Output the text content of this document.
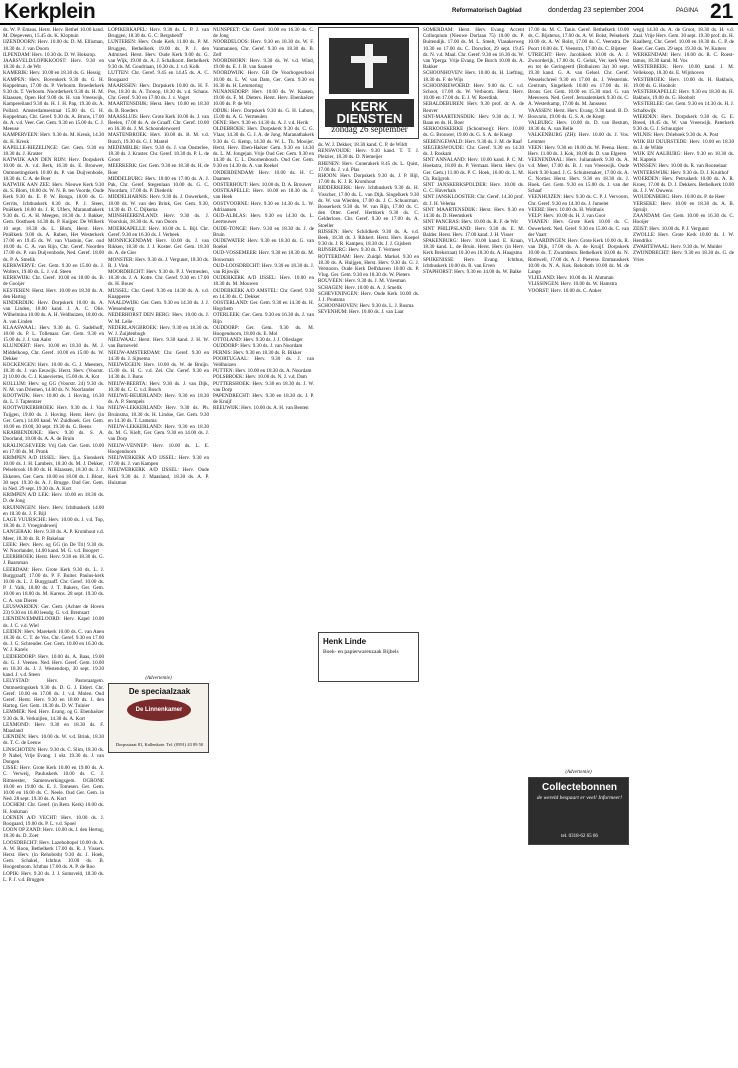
Kerkplein	Reformatorisch Dagblad	donderdag 23 september 2004	PAGINA 21

ds. W. P. Emaus. Herst. Herv. Bethel 10.00 kand. M. Diepeveen, 15.45 ds. K. Kloptuin

IJZENDOORN: Herv. 10.00 ds. D. M. Ellisman, 18.30 ds. J. van Doorn

ILPENDAM: Herv. 10.30 ds. D. W. Hoksrop.

JAARSVELD/LOPIKKOOST: Herv. 9.30 en 18.30 ds. J. de Wit

KAMERIK: Herv. 10.00 en 18.30 ds. G. Hessig

KAMPEN: Herv. Bovenkerk 9.30 ds. G. H. Koppelman, 17.00 ds. P. Verboom. Broederkerk 9.30 ds. T. Verboom. Noorderkerk 9.30 ds. H. M. Klaassen, Open Hof 9.00 ds. H. van Vreeswijk, Kampereiland 9.30 ds. H. J. H. Pap, 19.30 ds. A. Pollard. Amsterdamsestraat 15.00 ds. G. H. Koppelman, Chr. Geref. 9.30 ds. A. Brons, 17.00 ds. A. v.d. Veer. Ger. Gem. 9.30 en 15.00 ds. C. J. Meeuse

KAMPERVEEN: Herv. 9.30 ds. M. Kreuk, 14.30 ds. K. Kreuk

KAPELLE-BIEZELINGE: Ger. Gem. 9.30 en 18.30 ds. J. Kraster

KATWIJK AAN DEN RIJN: Herv. Dorpskerk 10.00 ds. A. v.d. Berk, 16.30 ds. E. Brouwer, Ontmoetingskerk 10.00 ds. P. van Duijvenbode, 18.30 ds. C. A. de Boer

KATWIJK AAN ZEE: Herv. Nieuwe Kerk 9.30 ds. S. Blom, 18.00 ds. W. N. B. ten Voorde, Oude Kerk 9.30 ds. E. P. W. Bonga, 18.00 ds. G. Gerrits, Ichthuskerk 8.30 ds. P. J. Steen, Pniëlkerk 18.00 ds. J. R. Ulfers, Maranathakerk 9.30 ds. G. A. H. Meegen, 18.30 ds. J. Bakker, Gem. Oosthoek 14.30 ds. P. Kuijper. De Wilkerk 10 sept. 18.30 ds. L. Blom, Herst. Herv. Pniëlkerk 9.00 ds. A. Ruben, Het Westerkerk 17.00 en 19.45 ds. W. van Vlastuin, Ger. oud 10.00 ds. C. A. van Rijn, Chr. Geref. Noorden 17.00 ds. P. van Duijvenbode, Ned. Geref. 18.00 ds. P. A. Smelik

KERKWERVE: Ger. Gem. 9.30 en 15.00 ds. J. Wolters, 19.00 ds. L. J. v.d. Steen

KERKWIJK: Chr. Geref. 10.00 en 18.00 ds. B. de Gooijer

KESTEREN: Herst. Herv. 10.00 en 18.30 ds. A. den Hartog

KINDERDIJK: Herv. Dorpskerk 10.00 ds. A. van Linden, 18.00 kand. J. A. C. Olie. Wilhelmina 10.00 ds. A. H. Veldhuizen, 18.00 ds. A. van Linden

KLAASWAAL: Herv. 9.30 ds. G. Sadelhoff, 18.00 ds. P. L. Tollenaar. Ger. Gem. 9.30 en 15.00 ds. J. J. van Aalst

KLUNDERT: Herv. 10.00 en 18.30 ds. M. J. Middelkoop, Chr. Geref. 10.00 en 15.00 ds. W. Dekker

KOCKENGEN: Herv. 10.00 ds. G. J. Meesters, 18.30 ds. J. van Eeuwijk. Herst. Herv. (Voorstr. 2) 10.00 ds. C. J. Kaneviertes, 15.00 ds. A. Kot

KOLLUM: Herv. og GG (Voorstr. 24) 9.30 ds. N. M. van Driemen, 14.00 ds. N. Noorlander

KOOTWIJK: Herv. 10.00 ds. J. Hoving, 16.30 ds. L. J. Taptentzer

KOOTWIJKERBROEK: Herv. 9.30 ds. J. Van Tuijgen, 19.00 ds. J. Hoving. Herst. Herv. (in Ger. Gem.) 14.00 kand. W. Zuidhoek. Ger. Gem. 10.00 en 19.00, 30 sept. 19.30 ds. G. Beens

KRABBENDIJKE: Herv. 9.30 ds. S. A. Doorland, 18.00 ds. A. A. de Bruin

KRALINGSEVEER: Vrij Geb. Ger. Gem. 10.00 en 17.00 ds. M. Pronk

KRIMPEN A/D IJSSEL: Herv. Ij.a. Sionskerk 10.00 ds. J. H. Lambers, 18.30 ds. M. J. Dekker, Pelsebrook 10.00 ds. H. Klaassen, 18.30 ds. J. J. Ekkeren. Ger. Gem. 10.00 en 18.00 ds. J. Bloot, 30 sept. 19.30 ds. A. J. Brugge. Oud Ger. Gem. in Ned. 29 sept. 19.30 ds. A. Kort

KRIMPEN A/D LEK: Herv. 10.00 en 18.30 ds. D. de Jong

KRUININGEN: Herv. Herv. Ichthuskerk 14.00 en 18.30 ds. J. F. Bijl

LAGE VUURSCHE: Herv. 10.00 ds. J. v.d. Top, 18.30 ds. J. Vroegindeweij

LANGERAK: Herv. 9.30 ds. A. P. Kromhout v.d. Meer, 18.30 ds. R. P. Bakelaar

LEEK: Herv. Herv. og GG (in De Tri) 9.30 ds. W. Noorlander, 14.00 kand. M. G. v.d. Boogert

LEERBROEK: Herst. Herv. 9.30 en 18.30 ds. G. J. Baarsman

LEERDAM: Herv. Grote Kerk 9.30 ds. L. J. Burggraaff, 17.00 ds. P. F. Buiter. Paulus-kerk 10.00 ds. L. J. Burggraaff. Chr. Geref. 10.00 ds. P. J. Valk, 18.00 ds. J. T. Bakers, Ger. Gem. 10.00 en 18.00 ds. M. Karens. 28 sept. 19.30 ds. C. A. van Dieren

LEUSWARDEN: Ger. Gem. (Achter de Hoven 23) 9.30 en 16.00 leesdg. G. v.d. Bremsart

LIENDEN/EMMELOORD: Herv. Kapel 10.00 ds. J. C. v.d. Wiel

LEIDEN: Herv. Marekerk 10.00 ds. C. van Anen 18.30 ds. C. T. de Vos. Chr. Geref. 9.30 en 17.00 ds. J. G. Schreuder. Ger. Gem. 10.00 en 16.30 ds. W. J. Karels

LEIDERDORP: Herv. 10.00 ds. A. Baas, 19.00 ds. G. J. Veeneo. Ned. Herv. Geref. Gem. 10.00 en 18.30 ds. J. J. Westendorp, 30 sept. 19.30 kand. J. v.d. Steen

LELYSTAD: Herv. Pastoraatgem. Ontmoetingskerk 9.30 ds. D. G. J. Eldert. Chr. Geref. 10.00 en 17.00 ds. J. v.d. Molen. Oud Geref. Herst. Herv. 9.30 en 18.00 ds. J. den Hartog. Ger. Gem. 18.30 ds. D. W. Tuinier

LEMMER: Ned. Herv. Evang. og G. Ebenhaëzer 9.30 ds. R. Verkuijlen, 14.30 ds. A. Kort

LEXMOND: Herv. 9.30 en 18.30 ds. F. Maasland

LIENDEN: Herv. 10.00 ds. W. v.d. Brink, 18.30 ds. T. C. de Leeuw

LINSCHOTEN: Herv. 9.30 ds. C. Slim, 18.30 ds. P. Nabel, Vrije Evang. 1 okt. 19.30 ds. J. van Dongen

LISSE: Herv. Grote Kerk 10.00 en 19.00 ds. A. C. Verweij, Pauluskerk 10.00 ds. C. J. Ritmeester, Samenwerkingsgem. OGRONE 10.00 en 19.00 ds. E. J. Tomesen. Ger. Gem. 10.00 en 16.00 ds. C. Neele. Oud Ger. Gem. in Ned. 28 sept. 19.30 ds. A. Kort

LOCHEM: Chr. Geref. (in Rem. Kerk) 10.00 ds. H. Jonkman

LOENEN A/D VECHT: Herv. 10.00 ds. J. Boogaard, 19.00 ds. P. L. v.d. Spoel

LOON OP ZAND: Herv. 10.00 ds. J. den Hertog, 18.30 ds. D. Zoet

LOOSDRECHT: Herv. Lazeholtopel 10.00 ds. A. A. W. Roon, Bethelkerk 17.00 ds. R. J. Vissers. Herst. Herv. (in Rehoboth) 9.30 ds. J. Hoek, Gem. Schakel, Ichthus 10.00 ds. B. Hoogenboom. Ichthus 17.00 ds. A. P. de Roo

LOPIK: Herv. 9.30 ds. J. J. Somsveld, 18.30 ds. L. P. J. v.d. Bruggen

LOPIKERKAPEL: Herv. 9.30 ds. L. P. J. van Bruggen, 18.30 ds. G. C. Bergsheoff

LUNTEREN: Herv. Oude Kerk 11.00 ds. P. M. Bruggen, Bethelkerk 19.00 ds. P. J. den Admixed. Herst. Herv. Oude Kerk 9.00 ds. G. van Wijk, 19.00 ds. A. J. Schalkoort. Bethelkerk 9.30 ds. M. Goudriaan, 16.30 ds. J. v.d. Kolk

LUTTEN: Chr. Geref. 9.45 en 14.45 ds. A. C. Boogaard

MAARSSEN: Herv. Dorpskerk 10.00 ds. H. F. Pos, 18.30 ds. A. Trooop, 18.30 ds. v.d. Schans. Chr. Geref. 9.30 en 17.00 ds. J. v. Voget

MAARTENSDIJK: Herst. Herv. 10.00 en 18.30 ds. B. Roeders

MAASSLUIS: Herv. Grote Kerk 10.00 ds. J. van Beelen, 17.00 ds. A. de Graaff. Chr. Geref. 10.00 en 16.30 ds. J. M. Schoonderwoerd

MASTENBROEK: Herv. 10.00 ds. B. M. v.d. Busch, 19.30 ds. G. J. Mantel

MEDEMBLIK: Herv. 9.30 ds. J. van Oosterlee, 18.30 ds. J. Kraster. Chr. Geref. 18.30 ds. P. L. de Groot

MEERKERK: Ger. Gem. 9.30 en 18.30 ds. H. de Boer

MIDDELBURG: Herv. 10.00 en 17.00 ds. A. J. Pak, Chr. Geref. Stegenlaan 10.00 ds. G. C. Noordam, 17.00 ds. P. Diederik

MIDDELHARNIS: Herv. 9.30 ds. J. Ouwerkerk, 18.00 ds. W. van den Brink, Ger. Gem. 9.30, 14.30 ds. D. C. Dijkema

MIJNSHEERENLAND: Herv. 9.30 ds. J. Voorsluis, 18.30 ds. A. van Doorn

MOERKAPELLE: Herv. 10.00 ds. L. Bijl. Chr. Geref. 9.30 en 16.30 ds. J. Verbeek

MONNICKENDAM: Herv. 10.00 ds. J. van Rikken, 18.30 ds. J. J. Koster. Ger. Gem. 18.30 ds. A. de Gier

MONSTER: Herv. 9.30 ds. J. Vergunst, 18.30 ds. R. J. Vink

MOORDRECHT: Herv. 9.30 ds. P. J. Vermeulen, 18.30 ds. J. A. Kotte. Chr. Geref. 9.30 en 17.00 ds. H. Bouw

MUSSEL: Chr. Geref. 9.30 en 14.30 ds. A. v.d. Knapperee

NAALDWIJK: Ger. Gem. 9.30 en 14.30 ds. J. J. Wiessenberg

NEDERHORST DEN BERG: Herv. 10.00 ds. J. W. M. Lelie

NEDERLANGBROEK: Herv. 9.30 en 18.30 ds. W. J. Zuijdenbogh

NIEUWAAL: Herst. Herv. 9.30 kand. J. H. W. van Barneveld

NIEUW-AMSTERDAM: Chr. Geref. 9.30 en 14.30 ds. J. Sijtsema

NIEUWEGEIN: Herv. 10.00 ds. W. de Bruijn. 15.00 ds. H. G. v.d. Zel. Chr. Geref. 9.30 en 14.30 ds. J. Bons

NIEUW-BEERTA: Herv. 9.30 ds. J. van Dijk, 10.30 ds. C. C. v.d. Bosch

NIEUWE-BEIJERLAND: Herv. 9.30 en 18.30 ds. A. P. Stempels

NIEUW-LEKKERLAND: Herv. 9.30 ds. Ph. Bruinsma, 18.30 ds. H. Lindoe, Ger. Gem. 9.30 en 14.30 ds. T. Lamsma

NIEUW-LEKKERLAND: Herv. 9.30 en 18.30 ds. M. G. Kieft, Ger. Gem. 9.30 en 14.00 ds. J. van Dorp

NIEUW-VENNEP: Herv. 10.00 ds. L. E. Hoogendoorn

NIEUWERKERK A/D IJSSEL: Herv. 9.30 en 17.00 ds. J. van Kampen

NIEUWERKERK A/D IJSSEL: Herv. Oude Kerk 9.30 ds. J. Maasland, 18.30 ds. A. P. Huisman

NUNSPEET: Chr. Geref. 10.00 en 16.30 ds. C. de Jong

NOORDELOOS: Herv. 9.30 en 18.30 ds. W. F. Vanmannen, Chr. Geref. 9.30 en 18.30 ds. B. Zelf

NOORDHORN: Herv. 9.30 ds. W. v.d. Wind, 19.00 ds. E. J. B. van Saanen

NOORDWIJK: Herv. GB De Voorhogeschool 10.00 ds. L. W. van Dam, Ger. Gem. 9.30 en 16.30 ds. H. Lemmering

NUNANSDORP: Herv. 10.00 ds. W. Kaasen, 19.00 ds. F. M. Dieters. Herst. Herv. Ebenhaëzer 10.00 ds. P. de Wit

ODIJK: Herv. Dorpskerk 9.30 ds. G. H. Labots, 15.00 ds. A. G. Vermeulen

OENE: Herv. 9.30 en 14.30 ds. A. J. v.d. Herik

OLDEBROEK: Herv. Dorpskerk 9.30 ds. C. G. Vlaar, 14.30 ds. G. J. A. de Jong. Maranathakerk 9.30 ds. G. Kemp, 14.30 ds. W. L. Th. Mooijer. Herst. Herv. Eben-Haëzer Gem. 9.30 en 14.30 ds. L. M. Jongejan. Vrije Oud Ger. Gem. 9.30 en 14.30 ds. C. L. Doornenbosch. Oud Ger. Gem. 9.30 en 14.30 ds. A. van Roekel

ONDERDENDAM: Herv. 10.00 ds. H. C. Daamen

OOSTERHOUT: Herv. 10.00 ds. D. A. Brouwer

OOSTKAPELLE: Herv. 10.00 en 18.30 ds. J. van Heek

OOSTVOORNE: Herv. 9.30 en 14.30 ds. L. W. Adriaansen

OUD-ALBLAS: Herv. 9.30 en 14.30 ds. L. Leertouwer

OUDE-TONGE: Herv. 9.30 en 18.30 ds. J. de Bruin

OUDEWATER: Herv. 9.30 en 18.30 ds. G. van Roekel

OUD-VOSSEMEER: Herv. 9.30 en 18.30 ds. M. Bouwman

OUD-LOOSDRECHT: Herv. 9.30 en 18.30 ds. J. van Rijswijk

OUDERKERK A/D IJSSEL: Herv. 10.00 en 18.30 ds. M. Mouwen

OUDERKERK A/D AMSTEL: Chr. Geref. 9.30 en 14.30 ds. C. Dekker

OOSTERLAND: Ger. Gem. 9.30 en 14.30 ds. H. Hogchem

OTERLEEK: Ger. Gem. 9.30 en 16.30 ds. J. van Rijn

OUDDORP: Ger. Gem. 9.30 ds. M. Hoogendoorn, 18.00 ds. E. Mol

OTTOLAND: Herv. 9.30 ds. J. J. Olieslager

OUDDORP: Herv. 9.30 ds. J. van Noordam

PERNIS: Herv. 9.30 en 18.30 ds. R. Bikker

POORTUGAAL: Herv. 9.30 ds. J. van Veldhuizen

PUTTEN: Herv. 10.00 en 18.30 ds. A. Noordam

POLSBROEK: Herv. 10.00 ds. N. J. v.d. Dam

PUTTERSHOEK: Herv. 9.30 en 18.30 ds. J. W. van Dorp

PAPENDRECHT: Herv. 9.30 en 18.30 ds. J. P. de Kruijf

REEUWIJK: Herv. 10.00 ds. A. H. van Benten

ds. W. J. Dekker, 18.30 kand. C. P. de Wildt

RENSWOUDE: Herv. 9.30 kand. T. T. J. Pleizier, 18.30 ds. D. Niemeijer

RHENEN: Herv. Cunerakerk 8.45 ds. L. Quist, 17.00 ds. J. v.d. Plas

RHOON: Herv. Dorpskerk 9.30 ds. J. P. Bijl, 17.00 ds. K. J. R. Kromhout

RIDDERKERK: Herv. Ichthuskerk 9.30 ds. H. Visscher, 17.00 ds. L. van Dijk. Singelkerk 9.30 ds. W. van Wierden, 17.00 ds. J. C. Schuurman. Bosserkerk 9.30 ds. W. van Rijn, 17.00 ds. C. den Otter. Geref. Herbkerk 9.30 ds. C. Gelderloos. Chr. Geref. 9.30 en 17.00 ds. A. Stoeller

RIJSSEN: Herv. Schildkerk 9.30 ds. A. v.d. Beek, 18.30 ds. J. Rikkert. Herst. Herv. Koepel 9.30 ds. J. R. Kampen, 18.30 ds. J. J. Gijsbers

RIJNSBURG: Herv. 9.30 ds. T. Vermeer

ROTTERDAM: Herv. Zuidpl. Markel. 9.30 en 18.30 ds. A. Huijgen, Herst. Herv. 9.30 ds. G. J. Verstoorn. Oude Kerk Delfshaven 10.00 ds. P. Vlug. Ger. Gem. 9.30 en 18.30 ds. W. Pieters

ROUVEEN: Herv. 9.30 ds. J. M. Vriesman

SCHAGEN: Herv. 10.00 ds. A. J. Smelik

SCHEVENINGEN: Herv. Oude Kerk 10.00 ds. J. J. Poutsma

SCHOONHOVEN: Herv. 9.30 ds. L. J. Bosma

SEVENHUM: Herv. 10.00 ds. J. van Laar

SOMERDAM: Herst. Herv. Evang. Accent Colloquium (Nieuwe Dorlaan 75) 10.00 ds. P. Buitendijk. 17.00 ds. M. L. Smelt, Vlasakerweg 10.30 en 17.00 ds. C. Dorschot, 29 sept. 19.45 ds. N. v.d. Maal. Chr. Geref. 9.30 en 16.30 ds. W. van Yperga. Vrije Evang. De Burch 10.00 ds. A. Bakker

SCHOONHOVEN: Herv. 10.00 ds. H. Liefting, 18.30 ds. F. de Wijs

SCHOONREWOERD: Herv. 9.00 ds. C. v.d. Schoot, 17.00 ds. W. Verboom. Herst. Herv. 10.00 en 17.00 ds. E. J. W. Roerdink

SEBALDEBUREN: Herv. 9.30 prof. dr. A. de Reuver

SINT-MAARTENSDIJK: Herv. 9.30 ds. J. W. Baan en ds. H. Boer

SERKOOSKERKE (Schoutweg): Herv. 10.00 ds. G. Brouwer, 19.00 ds. G. S. A. de Knegt

SIEBENGEWALD: Herv. 9.30 ds. J. M. de Raaf

SIEGERSWOUDE: Chr. Geref. 9.30 en 14.30 ds. J. Roskam

SINT ANNALAND: Herv. 10.00 kand. P. C. M. Hoekstra, 18.00 ds. P. Vermaat. Herst. Herv. (in Ger. Gem.) 11.00 ds. P. C. Hoek, 16.00 ds. L. M. Ch. Ruijgrok

SINT JANSKERKSPOLDER: Herv. 10.00 ds. G. C. Haverhals

SINT JANSKLOOSTER: Chr. Geref. 14.30 prof. dr. J. H. Velema

SINT MAARTENSDIJK: Herst. Herv. 9.30 en 14.30 ds. D. Heemskerk

SINT PANCRAS: Herv. 10.00 ds. R. F. de Wit

SINT PHILIPSLAND: Herv. 9.30 ds. E. M. Balder. Herst. Herv. 17.00 kand. J. H. Visser

SPAKENBURG: Herv. 10.00 kand. E. Kraan, 18.30 kand. L. de Bruin. Herst. Herv. (in Herv. Kerk Brekstraat) 10.30 en 18.30 ds. A. Haagsma

SPIJKENISSE: Herv. Evang. Ichthus, Ichthuskerk 10.00 ds. R. van Erven

STAPHORST: Herv. 9.30 en 14.00 ds. W. Balke

17.00 ds. M. C. Tanis. Geref. Bethelkerk 10.00 ds. C. Bijsterus, 17.00 ds. A. W. Bolst, Pelsekerk 10.00 ds. A. W. Bolst, 17.00 ds. C. Veenstra. De Poort 10.00 ds. T. Veenstra, 17.00 ds. C. Bijsteer

UTRECHT: Herv. Jacobikerk 10.00 ds. A. J. Zwoorderijk, 17.00 ds. G. Geluk, Ver. kerk West en tot de Geringeerd (Bolhuizen 3a) 30 sept. 19.30 kand. G. A. van Gelsel. Chr. Geref. Wesselschreel 9.30 en 17.00 ds. J. Westerink. Centrum, Singelkerk 10.00 en 17.00 ds. H. Brons. Ger. Gem. 10.00 en 15.30 stud. G. van Meeuwen. Ned. Geref. Jerusalemkerk 9.30 ds. C. A. Westerkamp, 17.00 ds. M. Janssens

VAASSEN: Herst. Herv. Evang. 9.30 kand. B. D. Bosvarin, 19.00 ds. G. S. A. de Knegt

VALBURG: Herv. 10.00 ds. D. van Bestum, 18.30 ds. A. van Belle

VALKENBURG (ZH): Herv. 10.00 ds. J. Vos. Lemmer

VEEN: Herv. 9.30 en 18.00 ds. W. Peena. Herst. Herv. 11.00 ds. J. Kok, 18.00 ds. D. van Elgeren

VEENENDAAL: Herv. Julianakerk 9.30 ds. A. v.d. Meer, 17.00 ds. B. J. van Vreeswijk. Oude Kerk 9.30 kand. J. G. Schuitemaker, 17.00 ds. A. C. Nortier. Herst. Herv. 9.30 en 18.30 ds. J. Hoek. Ger. Gem. 9.30 en 15.00 ds. J. van der Schaaf

VEENHUIZEN: Herv. 9.30 ds. C. P. J. Vervoorn. Chr. Geref. 9.30 en 14.30 ds. J. Jumelet

VEERE: Herv. 10.00 ds. H. Wolthuis

VELP: Herv. 10.00 ds. H. J. van Goor

VIANEN: Herv. Grote Kerk 10.00 ds. C. Ouwerkerk. Ned. Geref. 9.30 en 15.00 ds. C. van der Vaart

VLAARDINGEN: Herv. Grote Kerk 10.00 ds. R. van Dijk, 17.00 ds. A. de Kruijf. Dorpskerk 10.00 ds. T. Zwartdeurs. Bethelkerk 10.00 ds. N. Rothwell, 17.00 ds. A. J. Pieterse. Emmauskerk 10.00 ds. N. A. Kok. Rehoboth 10.00 ds. M. de Lange

VLIELAND: Herv. 10.00 ds. H. Ahmman

VLISSINGEN: Herv. 10.00 ds. W. Hamstra

VOORST: Herv. 10.00 ds. C. Anker

wegij 14.30 ds. A. de Groot, 18.30 ds. H. v.d. Zaal. Vrije Herv. Gem. 30 sept. 19.30 prof. ds. H. Kaalberg. Chr. Geref. 10.00 en 18.30 ds. C. P. de Boer. Ger. Gem. 29 sept. 19.30 ds. W. Kuiters

WERKENDAM: Herv. 10.00 ds. R. C. Roest-tamus, 18.30 kand. M. Vos

WESTERBEEK: Herv. 10.00 kand. J. M. Vellekoop, 18.30 ds. E. Wijnhoven

WESTBROEK: Herv. 10.00 ds. H. Bakhuis, 19.00 ds. G. Hoobolt

WESTERKAPELLE: Herv. 9.30 en 18.30 ds. H. Bakhuis, 19.00 ds. G. Hoobolt

WESTERLEE: Ger. Gem. 9.30 en 14.30 ds. H. J. Schalkwijk

WIERDEN: Herv. Dorpskerk 9.30 ds. G. E. Breed, 18.45 ds. W. van Vreeswijk. Paterkerk 9.30 ds. G. J. Schuurgier

WILNIS: Herv. Driehoek 9.30 ds. A. Post

WIJK BIJ DUURSTEDE: Herv. 10.00 en 18.30 ds. J. de Wilde

WIJK EN AALBURG: Herv. 9.30 en 18.30 ds. M. Kaptein

WINSSEN: Herv. 10.00 ds. R. van Rootselaar

WINTERSWIJK: Herv. 9.30 ds. D. J. Kruithof

WOERDEN: Herv. Petruskerk 10.00 ds. A. R. Kroes, 17.00 ds. D. J. Dekkers. Bethelkerk 10.00 ds. J. J. W. Ouwens

WOUDENBERG: Herv. 10.00 ds. P. de Heer

YERSEKE: Herv. 10.00 en 18.30 ds. A. B. Spruijt

ZAANDAM: Ger. Gem. 10.00 en 16.30 ds. C. Hooijer

ZEIST: Herv. 10.00 ds. P. J. Vergunst

ZWOLLE: Herv. Grote Kerk 10.00 ds. J. W. Hendriks

ZWARTEWAAL: Herv. 9.30 ds. W. Mulder

ZWIJNDRECHT: Herv. 9.30 en 18.30 ds. G. de Vries

KERK
DIENSTEN
zondag 26 september
Henk Linde
Boek- en papierwarenzaak Bijbels
(Advertentie)
De speciaalzaak
De Linnenkamer
Dorpsstraat 81, Kallenkote. Tel. (0591) 43 89 50
(Advertentie)
Collectebonnen
de wereld bespaart er veel! Informeer!
tel. 0318-62 65 66
